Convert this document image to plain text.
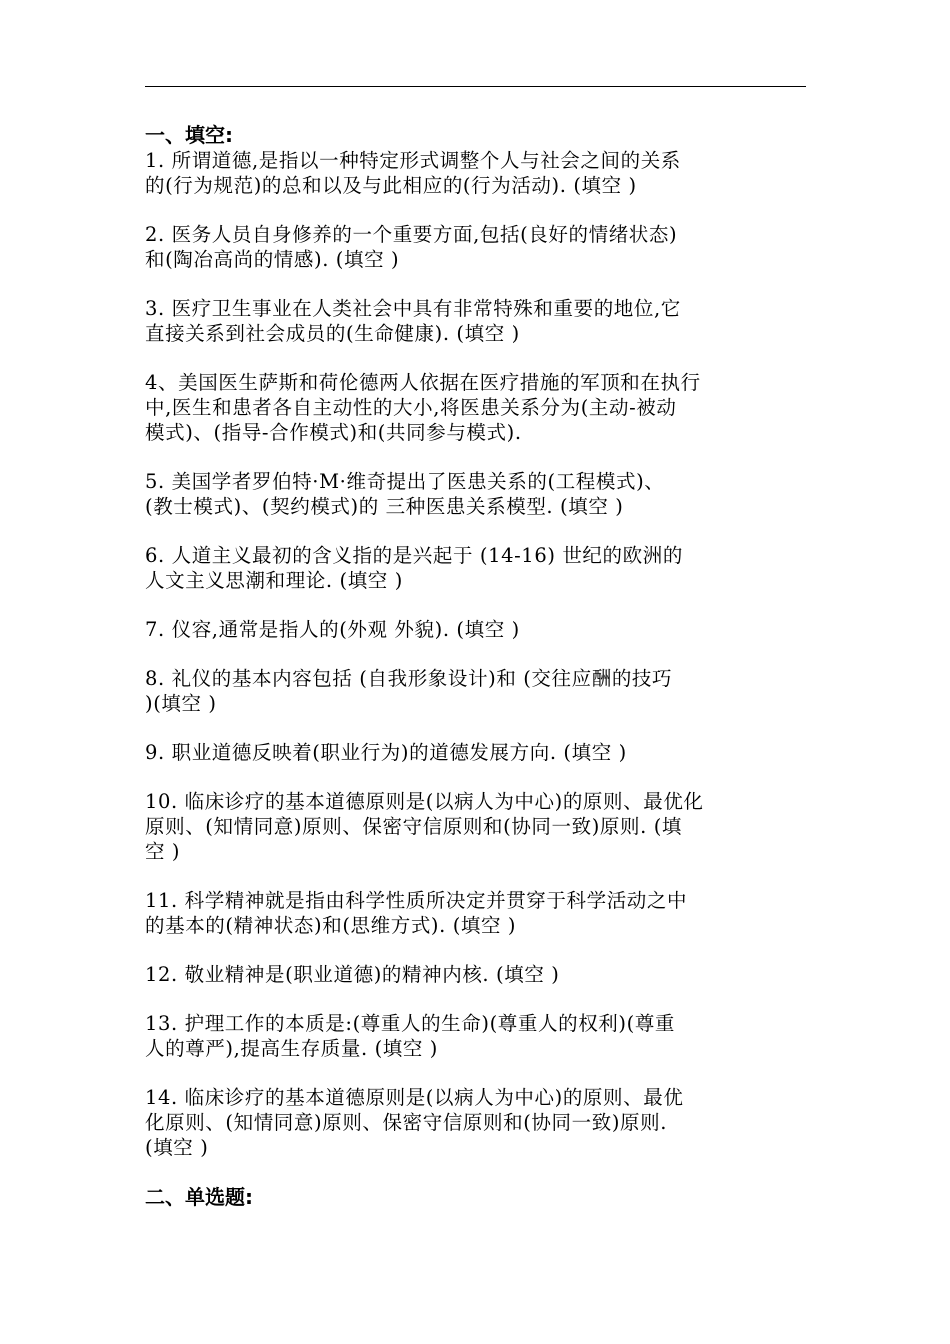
一、填空:

1. 所谓道德,是指以一种特定形式调整个人与社会之间的关系
的(行为规范)的总和以及与此相应的(行为活动). (填空 )

2. 医务人员自身修养的一个重要方面,包括(良好的情绪状态)
和(陶冶高尚的情感). (填空 )

3. 医疗卫生事业在人类社会中具有非常特殊和重要的地位,它
直接关系到社会成员的(生命健康). (填空 )

4、美国医生萨斯和荷伦德两人依据在医疗措施的军顶和在执行
中,医生和患者各自主动性的大小,将医患关系分为(主动-被动
模式)、(指导-合作模式)和(共同参与模式).

5. 美国学者罗伯特·M·维奇提出了医患关系的(工程模式)、
(教士模式)、(契约模式)的 三种医患关系模型. (填空 )

6. 人道主义最初的含义指的是兴起于 (14-16) 世纪的欧洲的
人文主义思潮和理论. (填空 )

7. 仪容,通常是指人的(外观 外貌). (填空 )

8. 礼仪的基本内容包括 (自我形象设计)和 (交往应酬的技巧
)(填空 )

9. 职业道德反映着(职业行为)的道德发展方向. (填空 )

10. 临床诊疗的基本道德原则是(以病人为中心)的原则、最优化
原则、(知情同意)原则、保密守信原则和(协同一致)原则. (填
空 )

11. 科学精神就是指由科学性质所决定并贯穿于科学活动之中
的基本的(精神状态)和(思维方式). (填空 )

12. 敬业精神是(职业道德)的精神内核. (填空 )

13. 护理工作的本质是:(尊重人的生命)(尊重人的权利)(尊重
人的尊严),提高生存质量. (填空 )

14. 临床诊疗的基本道德原则是(以病人为中心)的原则、最优
化原则、(知情同意)原则、保密守信原则和(协同一致)原则.
(填空 )

二、单选题:
